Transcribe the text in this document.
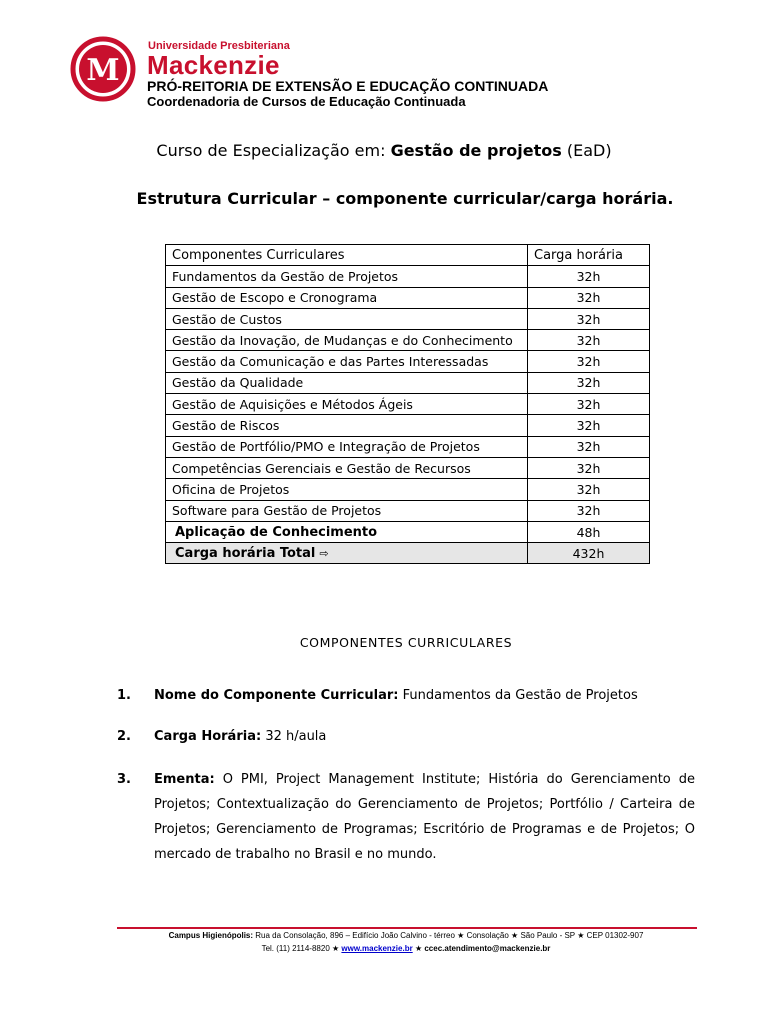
M
Universidade Presbiteriana
Mackenzie
PRÓ-REITORIA DE EXTENSÃO E EDUCAÇÃO CONTINUADA
Coordenadoria de Cursos de Educação Continuada
Curso de Especialização em: Gestão de projetos (EaD)
Estrutura Curricular – componente curricular/carga horária.
Componentes Curriculares	Carga horária
Fundamentos da Gestão de Projetos	32h
Gestão de Escopo e Cronograma	32h
Gestão de Custos	32h
Gestão da Inovação, de Mudanças e do Conhecimento	32h
Gestão da Comunicação e das Partes Interessadas	32h
Gestão da Qualidade	32h
Gestão de Aquisições e Métodos Ágeis	32h
Gestão de Riscos	32h
Gestão de Portfólio/PMO e Integração de Projetos	32h
Competências Gerenciais e Gestão de Recursos	32h
Oficina de Projetos	32h
Software para Gestão de Projetos	32h
Aplicação de Conhecimento	48h
Carga horária Total ⇨	432h
COMPONENTES CURRICULARES
1. Nome do Componente Curricular: Fundamentos da Gestão de Projetos
2. Carga Horária: 32 h/aula
3. Ementa: O PMI, Project Management Institute; História do Gerenciamento de Projetos; Contextualização do Gerenciamento de Projetos; Portfólio / Carteira de Projetos; Gerenciamento de Programas; Escritório de Programas e de Projetos; O mercado de trabalho no Brasil e no mundo.
Campus Higienópolis: Rua da Consolação, 896 – Edifício João Calvino - térreo ★ Consolação ★ São Paulo - SP ★ CEP 01302-907
Tel. (11) 2114-8820 ★ www.mackenzie.br ★ ccec.atendimento@mackenzie.br
